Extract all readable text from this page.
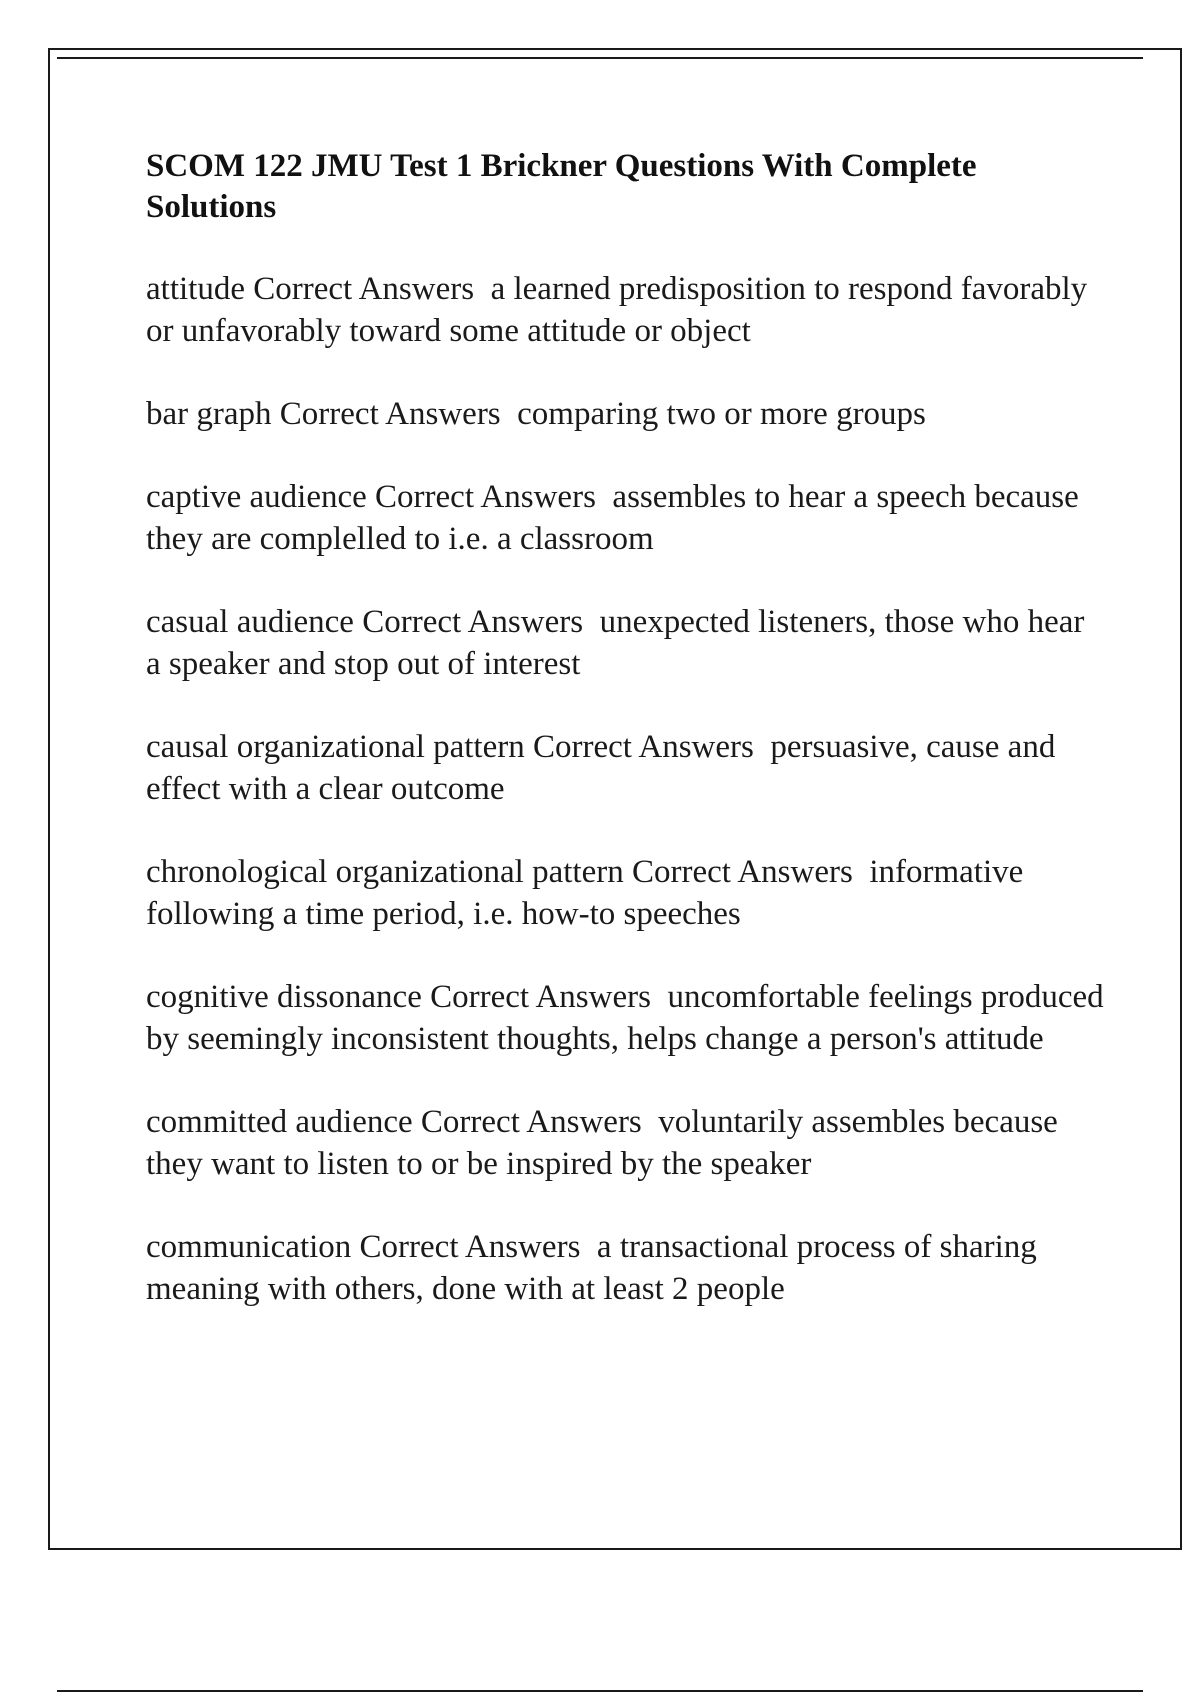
SCOM 122 JMU Test 1 Brickner Questions With Complete Solutions
attitude Correct Answers  a learned predisposition to respond favorably or unfavorably toward some attitude or object
bar graph Correct Answers  comparing two or more groups
captive audience Correct Answers  assembles to hear a speech because they are complelled to i.e. a classroom
casual audience Correct Answers  unexpected listeners, those who hear a speaker and stop out of interest
causal organizational pattern Correct Answers  persuasive, cause and effect with a clear outcome
chronological organizational pattern Correct Answers  informative following a time period, i.e. how-to speeches
cognitive dissonance Correct Answers  uncomfortable feelings produced by seemingly inconsistent thoughts, helps change a person's attitude
committed audience Correct Answers  voluntarily assembles because they want to listen to or be inspired by the speaker
communication Correct Answers  a transactional process of sharing meaning with others, done with at least 2 people
